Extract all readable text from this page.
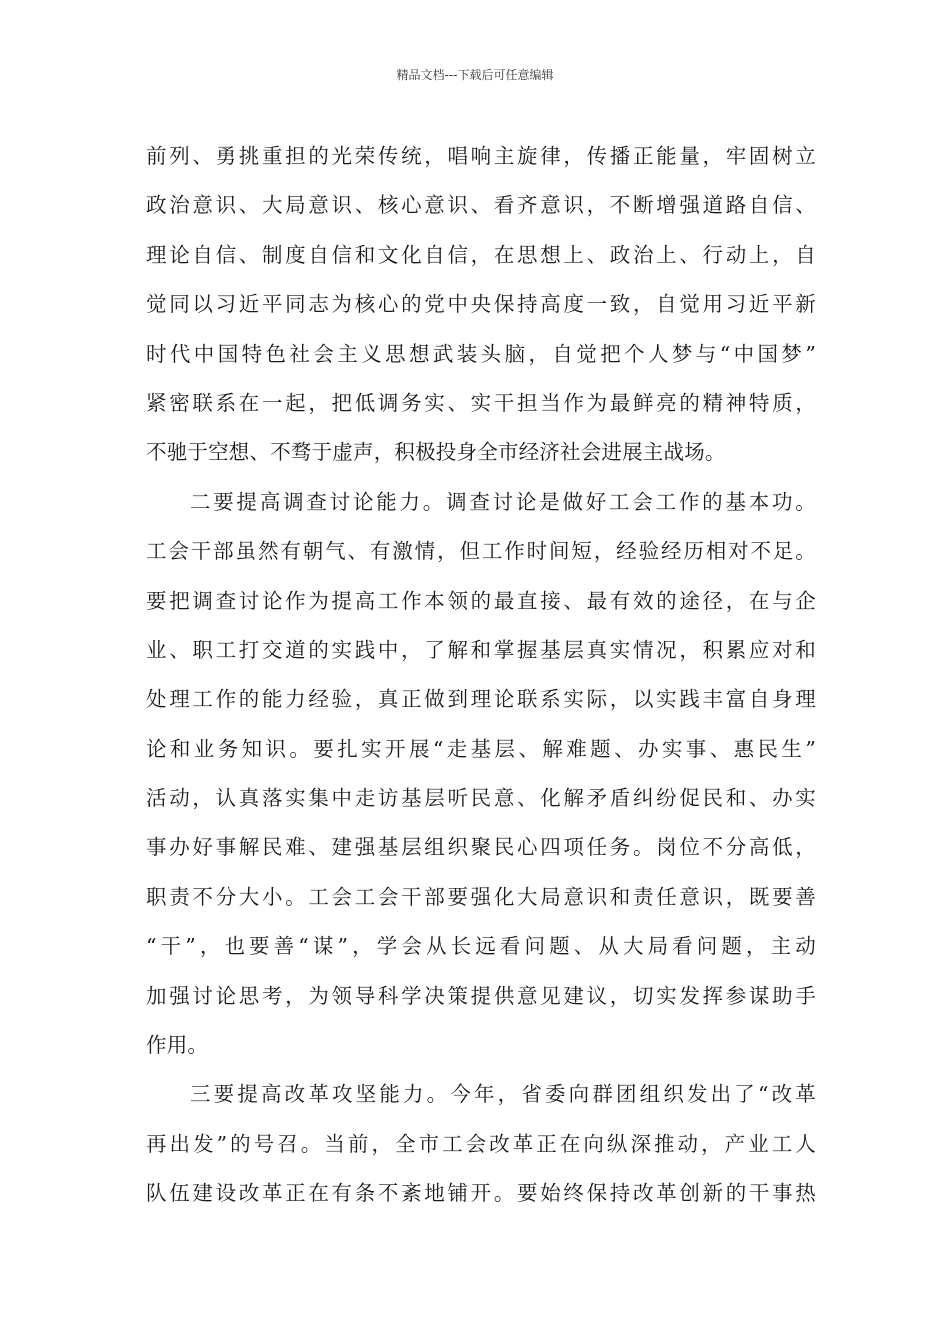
精品文档---下载后可任意编辑
前列、勇挑重担的光荣传统，唱响主旋律，传播正能量，牢固树立
政治意识、大局意识、核心意识、看齐意识，不断增强道路自信、
理论自信、制度自信和文化自信，在思想上、政治上、行动上，自
觉同以习近平同志为核心的党中央保持高度一致，自觉用习近平新
时代中国特色社会主义思想武装头脑，自觉把个人梦与“中国梦”
紧密联系在一起，把低调务实、实干担当作为最鲜亮的精神特质，
不驰于空想、不骛于虚声，积极投身全市经济社会进展主战场。
二要提高调查讨论能力。调查讨论是做好工会工作的基本功。
工会干部虽然有朝气、有激情，但工作时间短，经验经历相对不足。
要把调查讨论作为提高工作本领的最直接、最有效的途径，在与企
业、职工打交道的实践中，了解和掌握基层真实情况，积累应对和
处理工作的能力经验，真正做到理论联系实际，以实践丰富自身理
论和业务知识。要扎实开展“走基层、解难题、办实事、惠民生”
活动，认真落实集中走访基层听民意、化解矛盾纠纷促民和、办实
事办好事解民难、建强基层组织聚民心四项任务。岗位不分高低，
职责不分大小。工会工会干部要强化大局意识和责任意识，既要善
“干”，也要善“谋”，学会从长远看问题、从大局看问题，主动
加强讨论思考，为领导科学决策提供意见建议，切实发挥参谋助手
作用。
三要提高改革攻坚能力。今年，省委向群团组织发出了“改革
再出发”的号召。当前，全市工会改革正在向纵深推动，产业工人
队伍建设改革正在有条不紊地铺开。要始终保持改革创新的干事热
